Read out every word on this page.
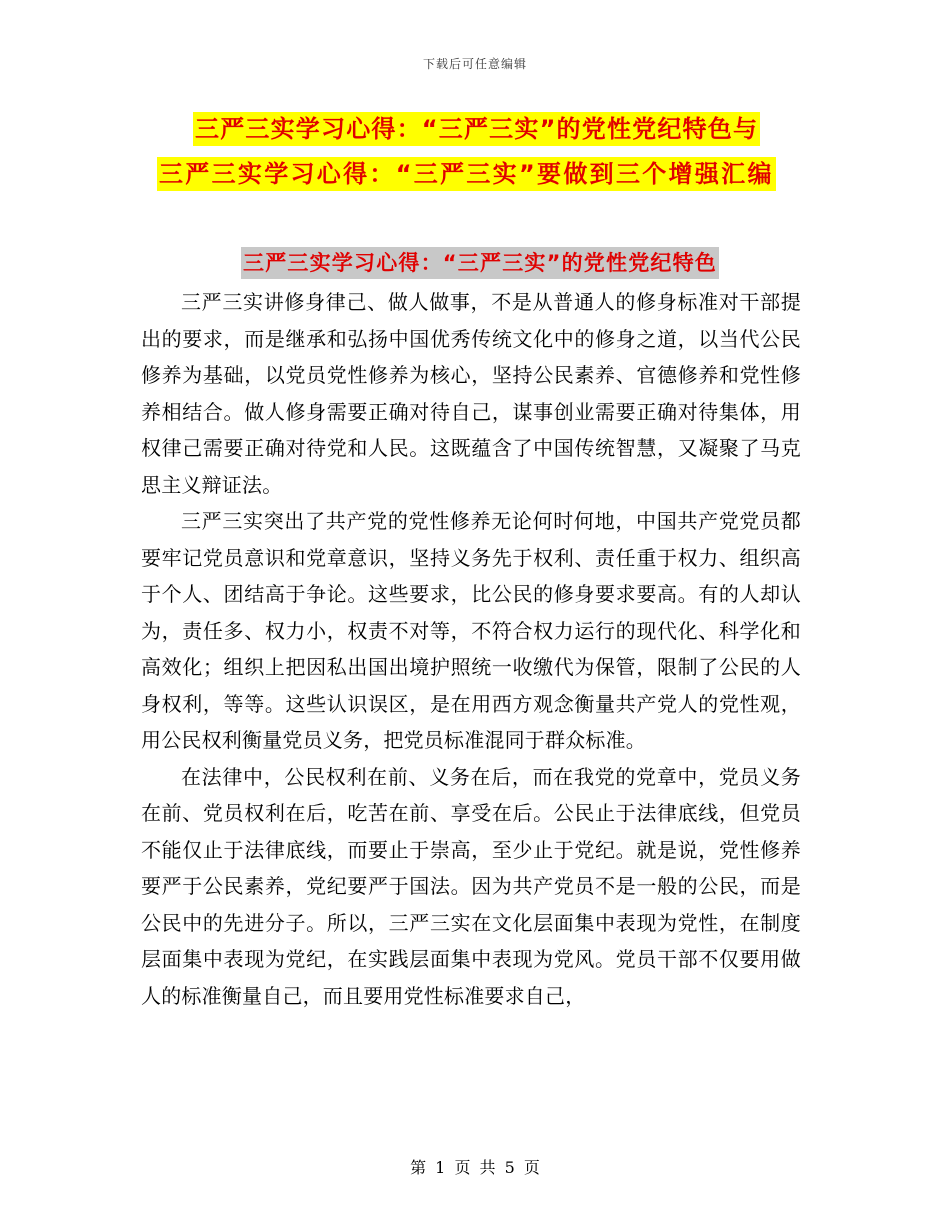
下载后可任意编辑
三严三实学习心得：“三严三实”的党性党纪特色与
三严三实学习心得：“三严三实”要做到三个增强汇编
三严三实学习心得：“三严三实”的党性党纪特色

三严三实讲修身律己、做人做事，不是从普通人的修身标准对干部提出的要求，而是继承和弘扬中国优秀传统文化中的修身之道，以当代公民修养为基础，以党员党性修养为核心，坚持公民素养、官德修养和党性修养相结合。做人修身需要正确对待自己，谋事创业需要正确对待集体，用权律己需要正确对待党和人民。这既蕴含了中国传统智慧，又凝聚了马克思主义辩证法。

三严三实突出了共产党的党性修养无论何时何地，中国共产党党员都要牢记党员意识和党章意识，坚持义务先于权利、责任重于权力、组织高于个人、团结高于争论。这些要求，比公民的修身要求要高。有的人却认为，责任多、权力小，权责不对等，不符合权力运行的现代化、科学化和高效化；组织上把因私出国出境护照统一收缴代为保管，限制了公民的人身权利，等等。这些认识误区，是在用西方观念衡量共产党人的党性观，用公民权利衡量党员义务，把党员标准混同于群众标准。

在法律中，公民权利在前、义务在后，而在我党的党章中，党员义务在前、党员权利在后，吃苦在前、享受在后。公民止于法律底线，但党员不能仅止于法律底线，而要止于崇高，至少止于党纪。就是说，党性修养要严于公民素养，党纪要严于国法。因为共产党员不是一般的公民，而是公民中的先进分子。所以，三严三实在文化层面集中表现为党性，在制度层面集中表现为党纪，在实践层面集中表现为党风。党员干部不仅要用做人的标准衡量自己，而且要用党性标准要求自己，

第 1 页 共 5 页
